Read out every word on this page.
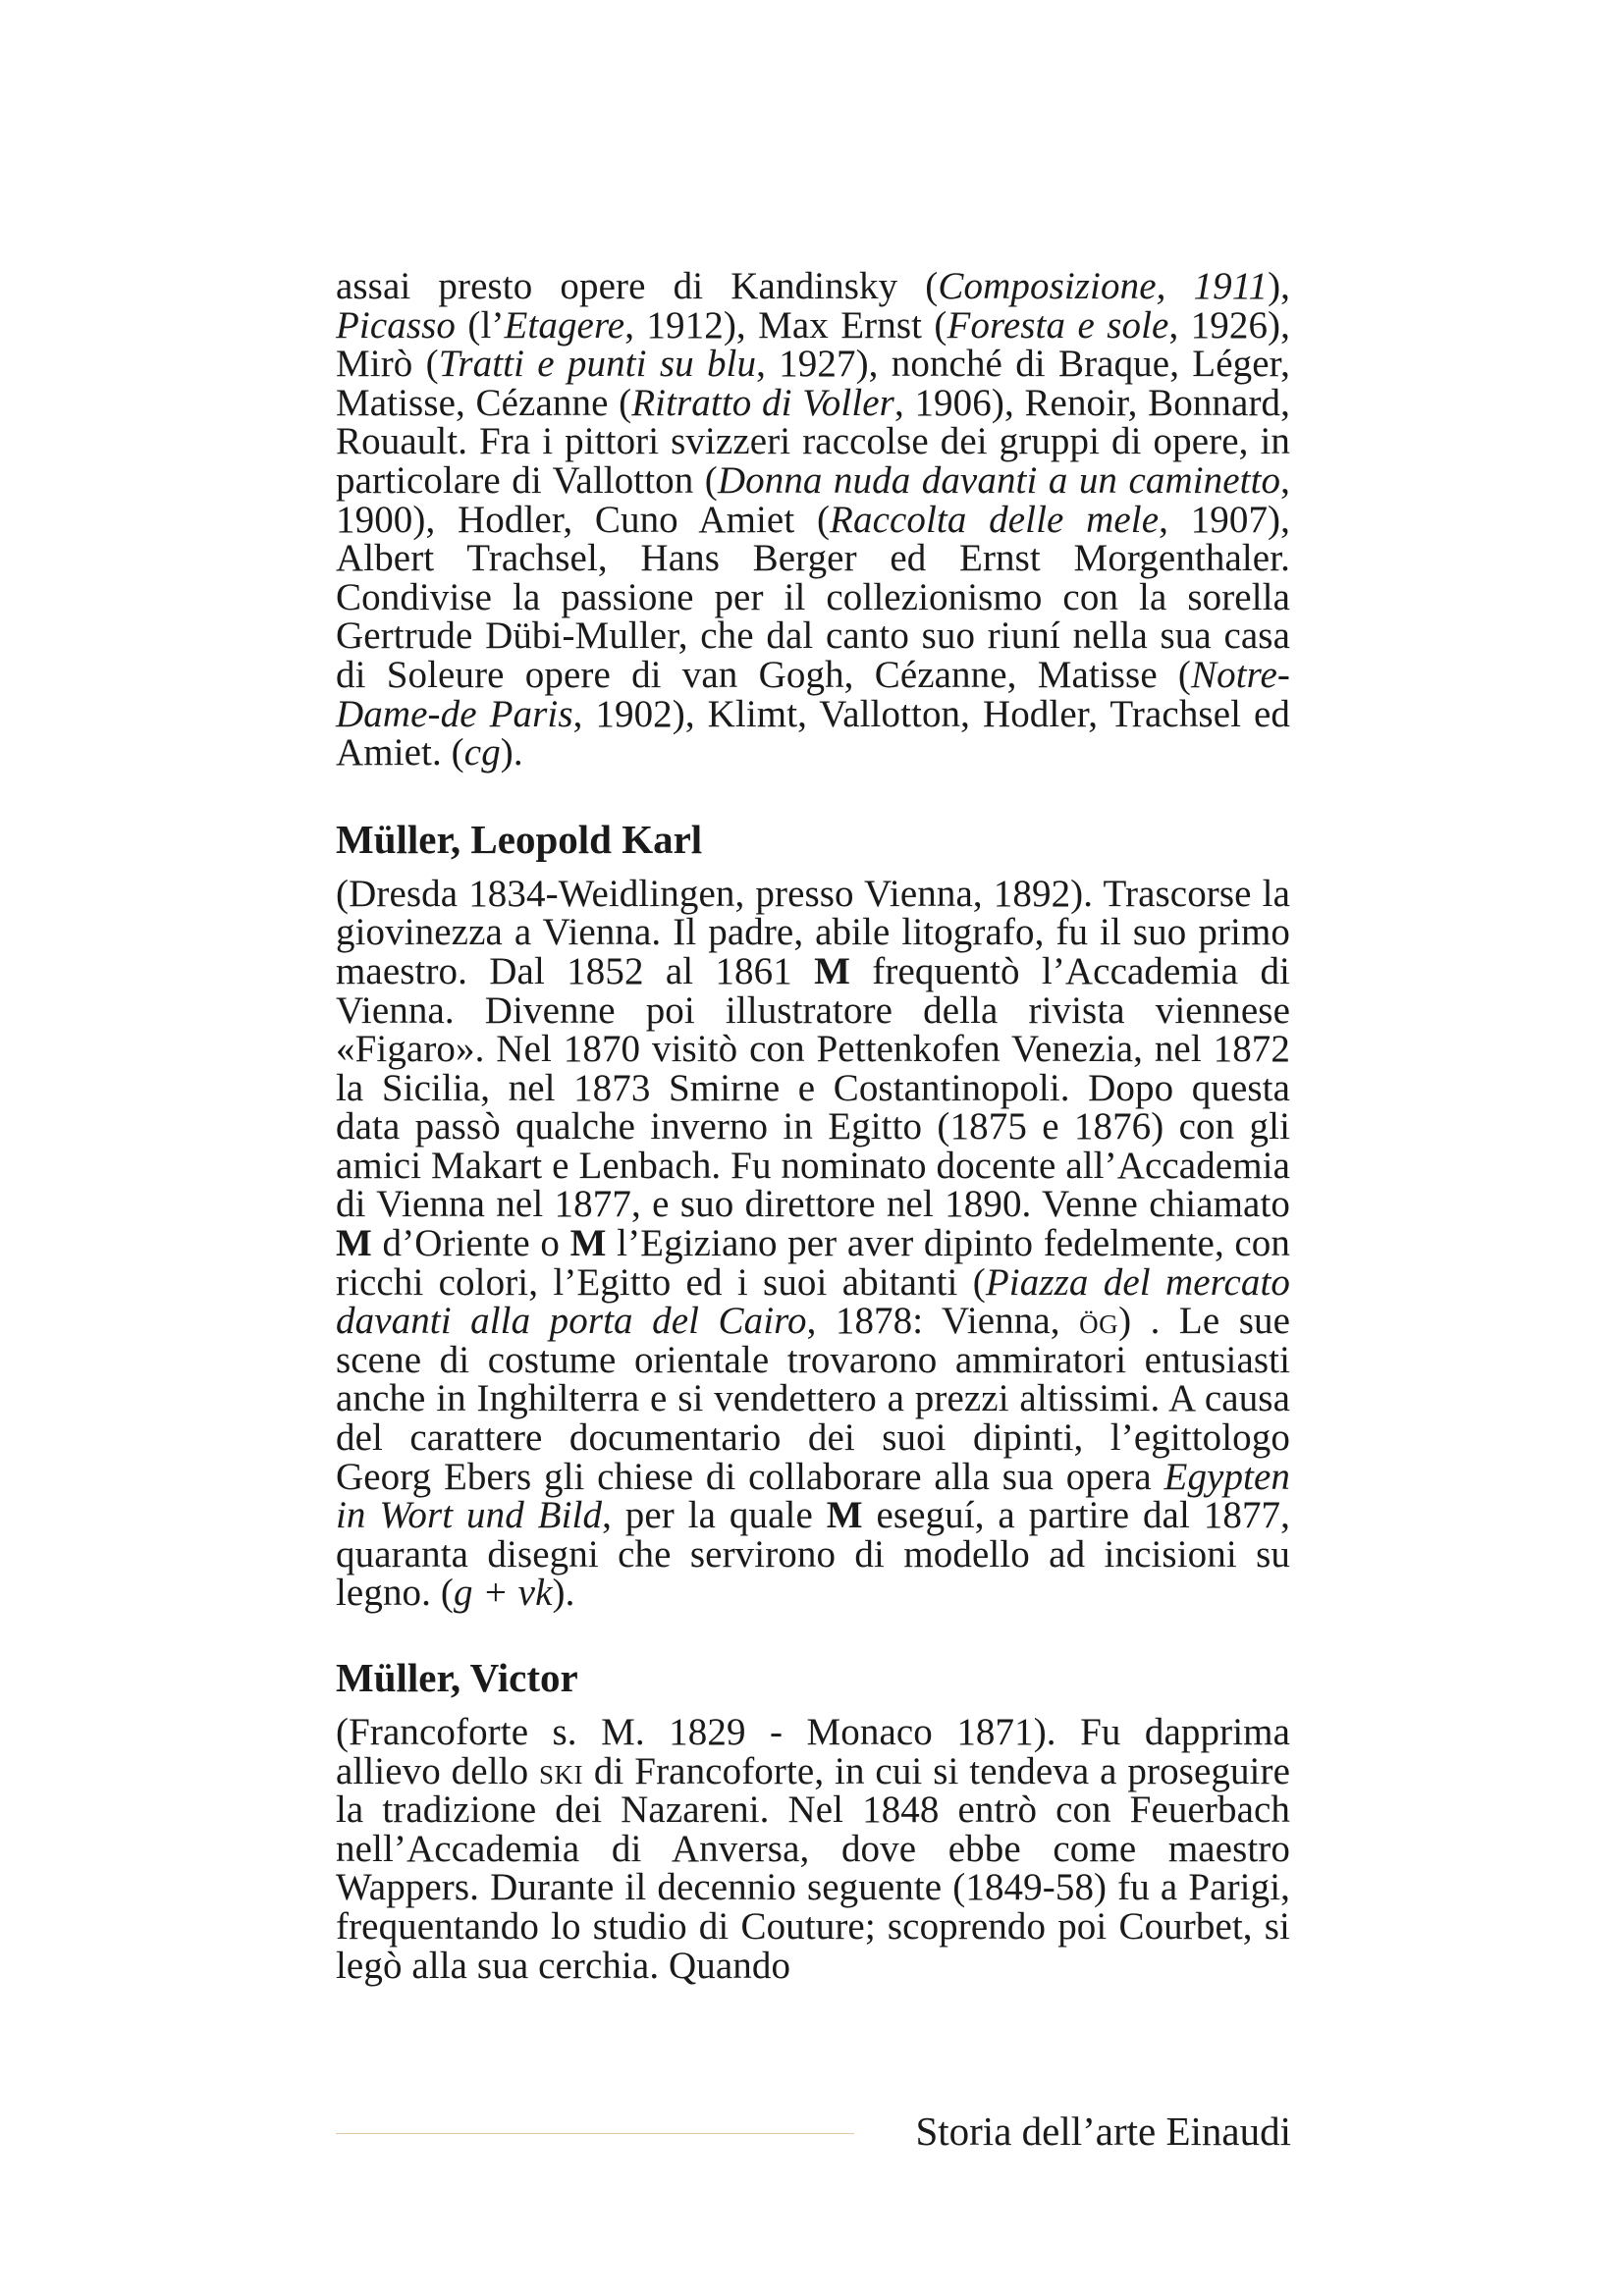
assai presto opere di Kandinsky (Composizione, 1911), Picasso (l’Etagere, 1912), Max Ernst (Foresta e sole, 1926), Mirò (Tratti e punti su blu, 1927), nonché di Braque, Léger, Matisse, Cézanne (Ritratto di Voller, 1906), Renoir, Bonnard, Rouault. Fra i pittori svizzeri raccolse dei gruppi di opere, in particolare di Vallotton (Donna nuda davanti a un caminetto, 1900), Hodler, Cuno Amiet (Raccolta delle mele, 1907), Albert Trachsel, Hans Berger ed Ernst Morgenthaler. Condivise la passione per il collezionismo con la sorella Gertrude Dübi-Muller, che dal canto suo riuní nella sua casa di Soleure opere di van Gogh, Cézanne, Matisse (Notre-Dame-de Paris, 1902), Klimt, Vallotton, Hodler, Trachsel ed Amiet. (cg).

Müller, Leopold Karl

(Dresda 1834-Weidlingen, presso Vienna, 1892). Trascorse la giovinezza a Vienna. Il padre, abile litografo, fu il suo primo maestro. Dal 1852 al 1861 M frequentò l’Accademia di Vienna. Divenne poi illustratore della rivista viennese «Figaro». Nel 1870 visitò con Pettenkofen Venezia, nel 1872 la Sicilia, nel 1873 Smirne e Costantinopoli. Dopo questa data passò qualche inverno in Egitto (1875 e 1876) con gli amici Makart e Lenbach. Fu nominato docente all’Accademia di Vienna nel 1877, e suo direttore nel 1890. Venne chiamato M d’Oriente o M l’Egiziano per aver dipinto fedelmente, con ricchi colori, l’Egitto ed i suoi abitanti (Piazza del mercato davanti alla porta del Cairo, 1878: Vienna, ög) . Le sue scene di costume orientale trovarono ammiratori entusiasti anche in Inghilterra e si vendettero a prezzi altissimi. A causa del carattere documentario dei suoi dipinti, l’egittologo Georg Ebers gli chiese di collaborare alla sua opera Egypten in Wort und Bild, per la quale M eseguí, a partire dal 1877, quaranta disegni che servirono di modello ad incisioni su legno. (g + vk).

Müller, Victor

(Francoforte s. M. 1829 - Monaco 1871). Fu dapprima allievo dello ski di Francoforte, in cui si tendeva a proseguire la tradizione dei Nazareni. Nel 1848 entrò con Feuerbach nell’Accademia di Anversa, dove ebbe come maestro Wappers. Durante il decennio seguente (1849-58) fu a Parigi, frequentando lo studio di Couture; scoprendo poi Courbet, si legò alla sua cerchia. Quando

Storia dell’arte Einaudi
